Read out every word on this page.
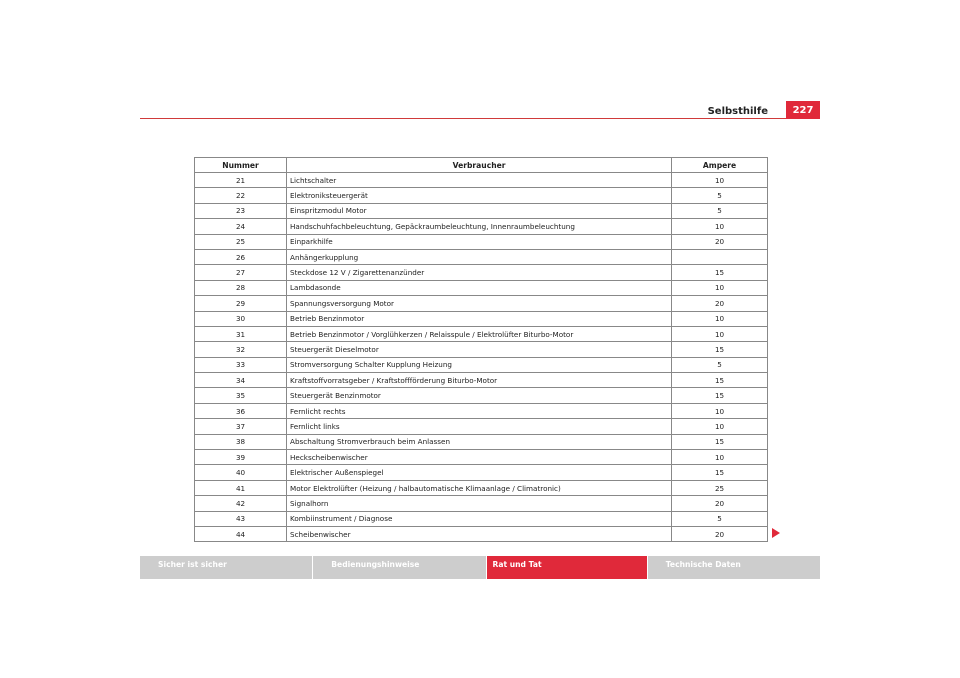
Selbsthilfe	227
Nummer	Verbraucher	Ampere
21	Lichtschalter	10
22	Elektroniksteuergerät	5
23	Einspritzmodul Motor	5
24	Handschuhfachbeleuchtung, Gepäckraumbeleuchtung, Innenraumbeleuchtung	10
25	Einparkhilfe	20
26	Anhängerkupplung	
27	Steckdose 12 V / Zigarettenanzünder	15
28	Lambdasonde	10
29	Spannungsversorgung Motor	20
30	Betrieb Benzinmotor	10
31	Betrieb Benzinmotor / Vorglühkerzen / Relaisspule / Elektrolüfter Biturbo-Motor	10
32	Steuergerät Dieselmotor	15
33	Stromversorgung Schalter Kupplung Heizung	5
34	Kraftstoffvorratsgeber / Kraftstoffförderung Biturbo-Motor	15
35	Steuergerät Benzinmotor	15
36	Fernlicht rechts	10
37	Fernlicht links	10
38	Abschaltung Stromverbrauch beim Anlassen	15
39	Heckscheibenwischer	10
40	Elektrischer Außenspiegel	15
41	Motor Elektrolüfter (Heizung / halbautomatische Klimaanlage / Climatronic)	25
42	Signalhorn	20
43	Kombiinstrument / Diagnose	5
44	Scheibenwischer	20
Sicher ist sicher	Bedienungshinweise	Rat und Tat	Technische Daten
